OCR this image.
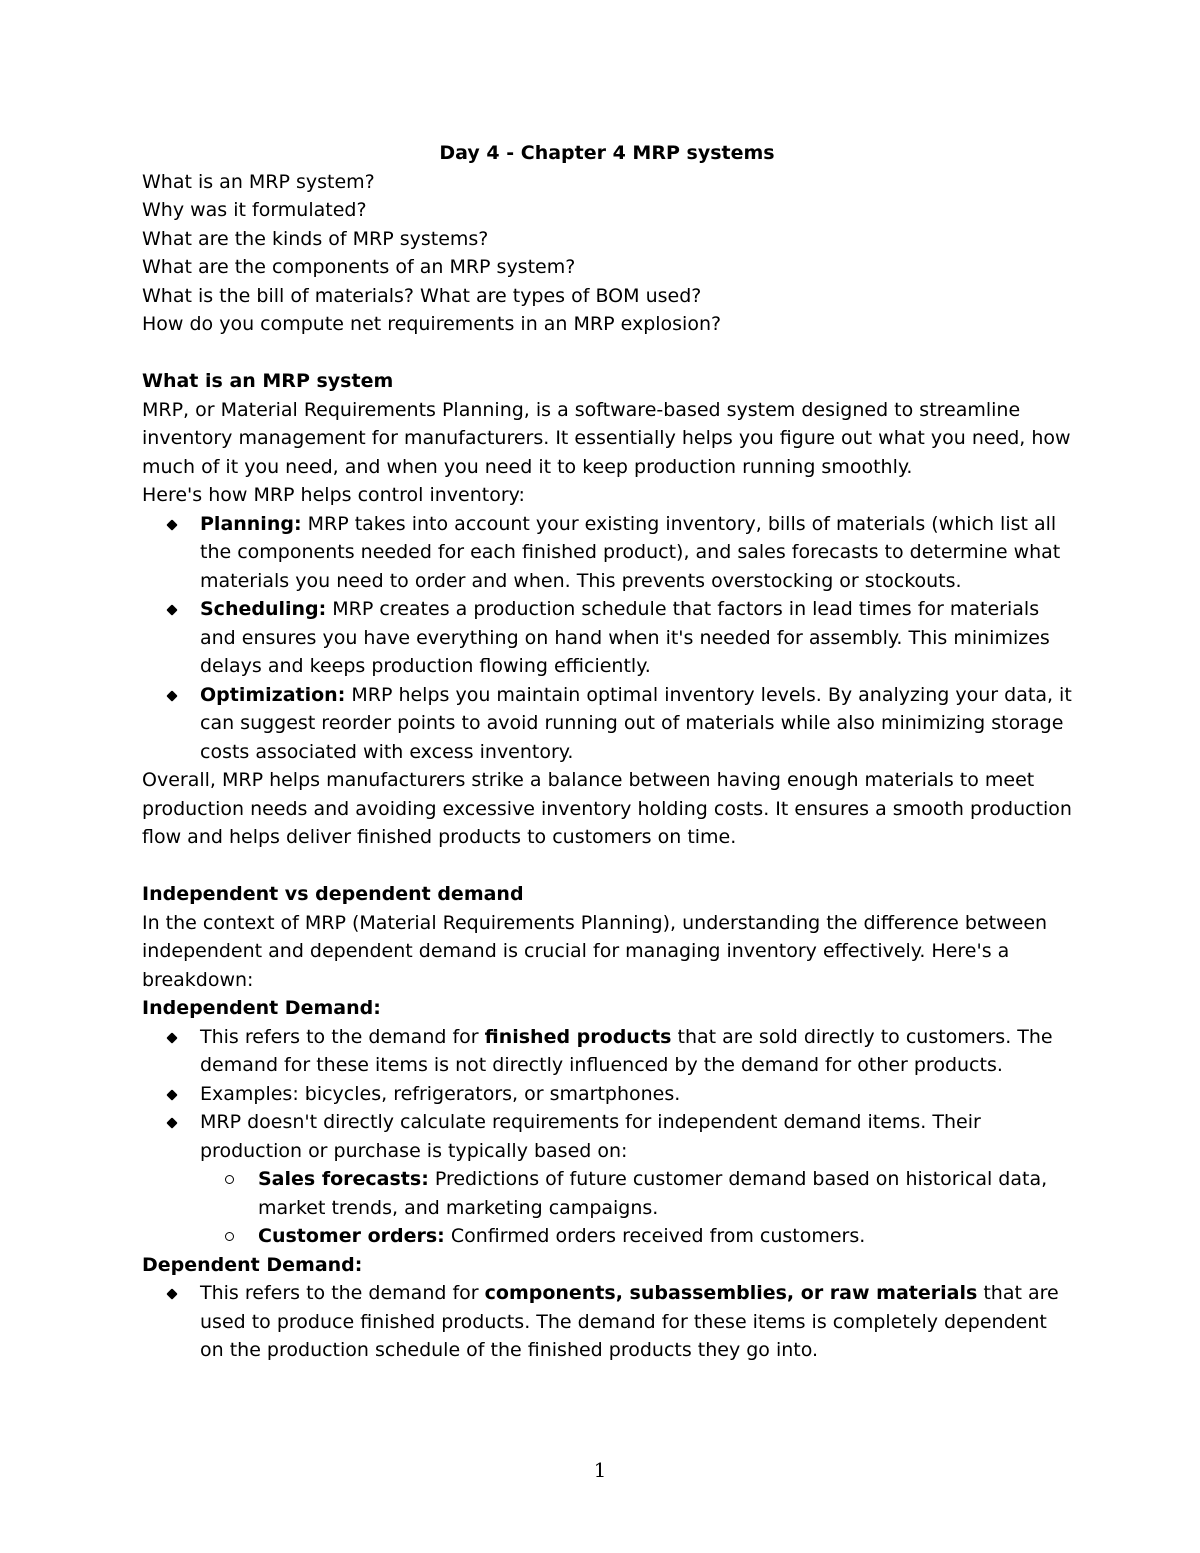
Day 4 - Chapter 4 MRP systems

What is an MRP system?

Why was it formulated?

What are the kinds of MRP systems?

What are the components of an MRP system?

What is the bill of materials? What are types of BOM used?

How do you compute net requirements in an MRP explosion?

What is an MRP system

MRP, or Material Requirements Planning, is a software-based system designed to streamline inventory management for manufacturers. It essentially helps you figure out what you need, how much of it you need, and when you need it to keep production running smoothly.

Here's how MRP helps control inventory:

Planning: MRP takes into account your existing inventory, bills of materials (which list all the components needed for each finished product), and sales forecasts to determine what materials you need to order and when. This prevents overstocking or stockouts.
Scheduling: MRP creates a production schedule that factors in lead times for materials and ensures you have everything on hand when it's needed for assembly. This minimizes delays and keeps production flowing efficiently.
Optimization: MRP helps you maintain optimal inventory levels. By analyzing your data, it can suggest reorder points to avoid running out of materials while also minimizing storage costs associated with excess inventory.

Overall, MRP helps manufacturers strike a balance between having enough materials to meet production needs and avoiding excessive inventory holding costs. It ensures a smooth production flow and helps deliver finished products to customers on time.

Independent vs dependent demand

In the context of MRP (Material Requirements Planning), understanding the difference between independent and dependent demand is crucial for managing inventory effectively. Here's a breakdown:

Independent Demand:

This refers to the demand for finished products that are sold directly to customers. The demand for these items is not directly influenced by the demand for other products.
Examples: bicycles, refrigerators, or smartphones.
MRP doesn't directly calculate requirements for independent demand items. Their production or purchase is typically based on:
Sales forecasts: Predictions of future customer demand based on historical data, market trends, and marketing campaigns.
Customer orders: Confirmed orders received from customers.

Dependent Demand:

This refers to the demand for components, subassemblies, or raw materials that are used to produce finished products. The demand for these items is completely dependent on the production schedule of the finished products they go into.
1
